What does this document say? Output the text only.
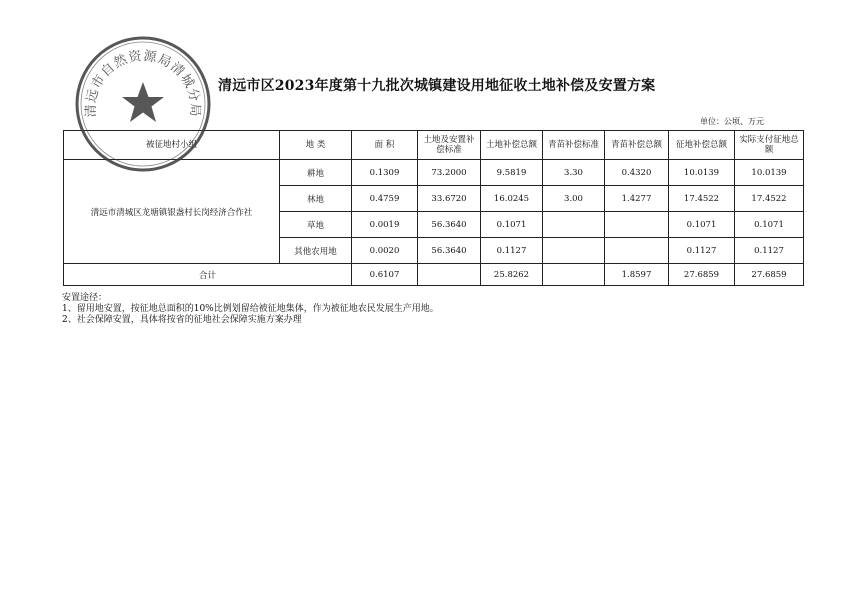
清远市区2023年度第十九批次城镇建设用地征收土地补偿及安置方案
单位：公顷、万元
被征地村小组	地 类	面 积	土地及安置补偿标准	土地补偿总额	青苗补偿标准	青苗补偿总额	征地补偿总额	实际支付征地总额
清远市清城区龙塘镇银盏村长岗经济合作社	耕地	0.1309	73.2000	9.5819	3.30	0.4320	10.0139	10.0139
	林地	0.4759	33.6720	16.0245	3.00	1.4277	17.4522	17.4522
	草地	0.0019	56.3640	0.1071			0.1071	0.1071
	其他农用地	0.0020	56.3640	0.1127			0.1127	0.1127
合计		0.6107		25.8262		1.8597	27.6859	27.6859
安置途径：
1、留用地安置，按征地总面积的10%比例划留给被征地集体，作为被征地农民发展生产用地。
2、社会保障安置，具体将按省的征地社会保障实施方案办理
清远市自然资源局清城分局
